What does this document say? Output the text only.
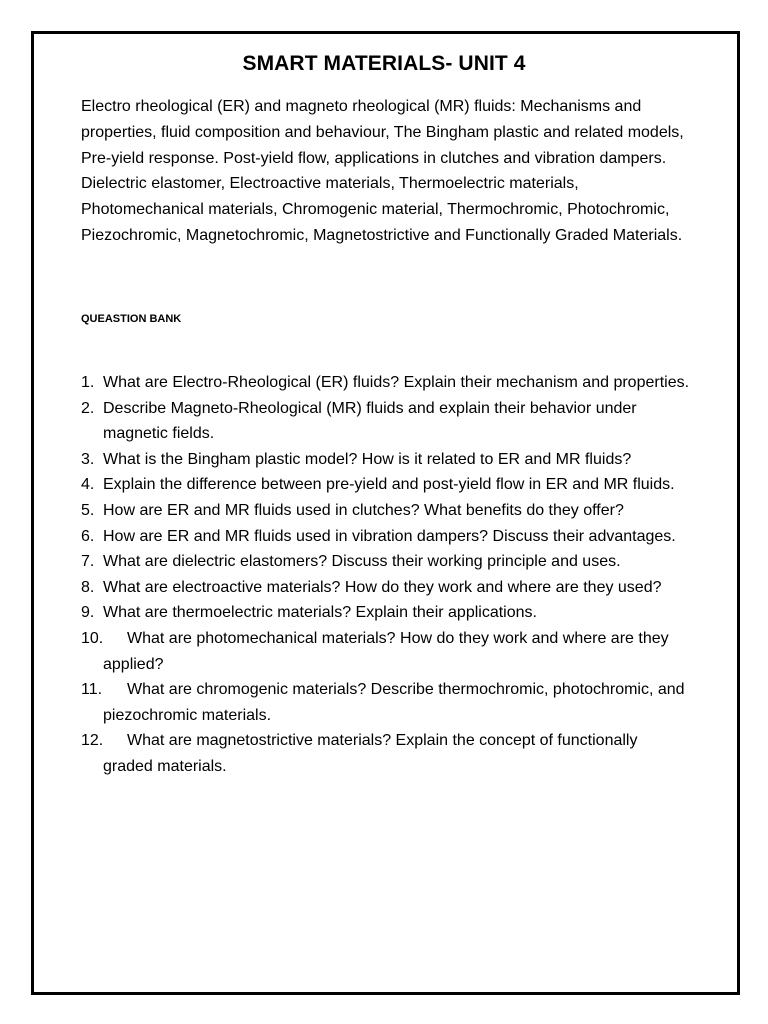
SMART MATERIALS- UNIT 4

Electro rheological (ER) and magneto rheological (MR) fluids: Mechanisms and properties, fluid composition and behaviour, The Bingham plastic and related models, Pre-yield response. Post-yield flow, applications in clutches and vibration dampers. Dielectric elastomer, Electroactive materials, Thermoelectric materials, Photomechanical materials, Chromogenic material, Thermochromic, Photochromic, Piezochromic, Magnetochromic, Magnetostrictive and Functionally Graded Materials.

QUEASTION BANK
1. What are Electro-Rheological (ER) fluids? Explain their mechanism and properties.
2. Describe Magneto-Rheological (MR) fluids and explain their behavior under magnetic fields.
3. What is the Bingham plastic model? How is it related to ER and MR fluids?
4. Explain the difference between pre-yield and post-yield flow in ER and MR fluids.
5. How are ER and MR fluids used in clutches? What benefits do they offer?
6. How are ER and MR fluids used in vibration dampers? Discuss their advantages.
7. What are dielectric elastomers? Discuss their working principle and uses.
8. What are electroactive materials? How do they work and where are they used?
9. What are thermoelectric materials? Explain their applications.
10.	What are photomechanical materials? How do they work and where are they applied?
11.	What are chromogenic materials? Describe thermochromic, photochromic, and piezochromic materials.
12.	What are magnetostrictive materials? Explain the concept of functionally graded materials.
